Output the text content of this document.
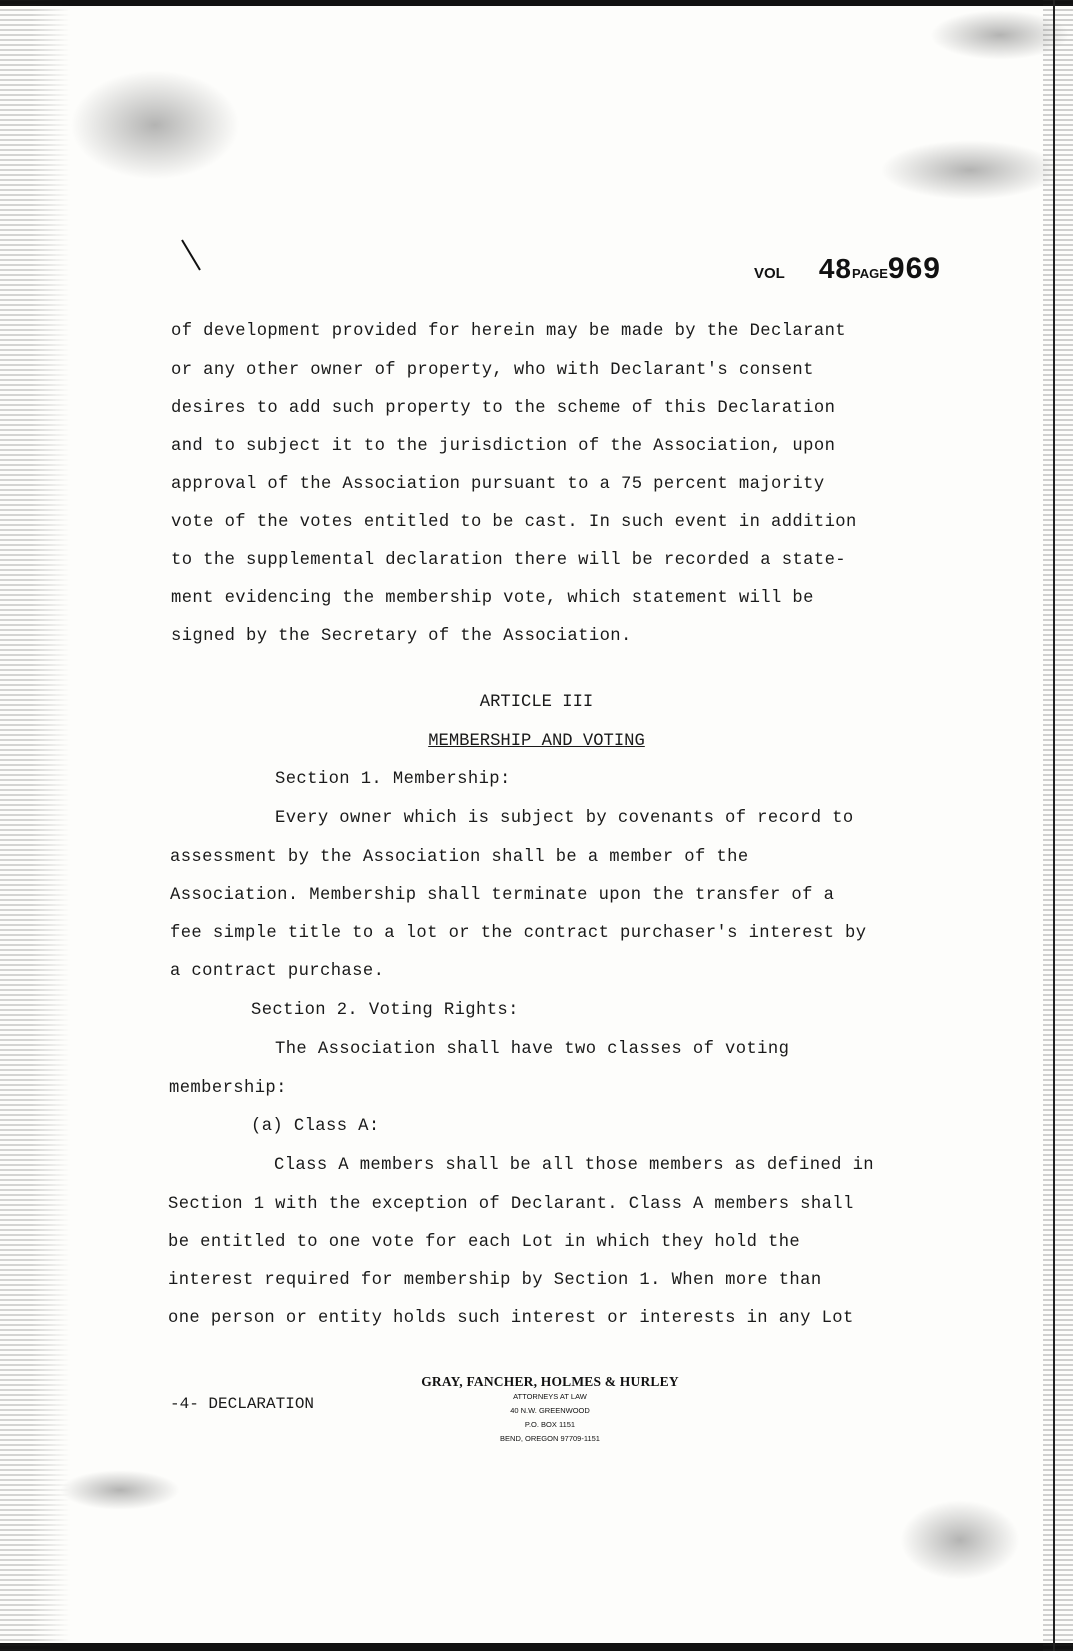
VOL 48PAGE969
of development provided for herein may be made by the Declarant
or any other owner of property, who with Declarant's consent
desires to add such property to the scheme of this Declaration
and to subject it to the jurisdiction of the Association, upon
approval of the Association pursuant to a 75 percent majority
vote of the votes entitled to be cast. In such event in addition
to the supplemental declaration there will be recorded a state-
ment evidencing the membership vote, which statement will be
signed by the Secretary of the Association.
ARTICLE III
MEMBERSHIP AND VOTING
Section 1. Membership:
Every owner which is subject by covenants of record to
assessment by the Association shall be a member of the
Association. Membership shall terminate upon the transfer of a
fee simple title to a lot or the contract purchaser's interest by
a contract purchase.
Section 2. Voting Rights:
The Association shall have two classes of voting
membership:
(a) Class A:
Class A members shall be all those members as defined in
Section 1 with the exception of Declarant. Class A members shall
be entitled to one vote for each Lot in which they hold the
interest required for membership by Section 1. When more than
one person or entity holds such interest or interests in any Lot
-4- DECLARATION
GRAY, FANCHER, HOLMES & HURLEY
ATTORNEYS AT LAW
40 N.W. GREENWOOD
P.O. BOX 1151
BEND, OREGON 97709-1151
